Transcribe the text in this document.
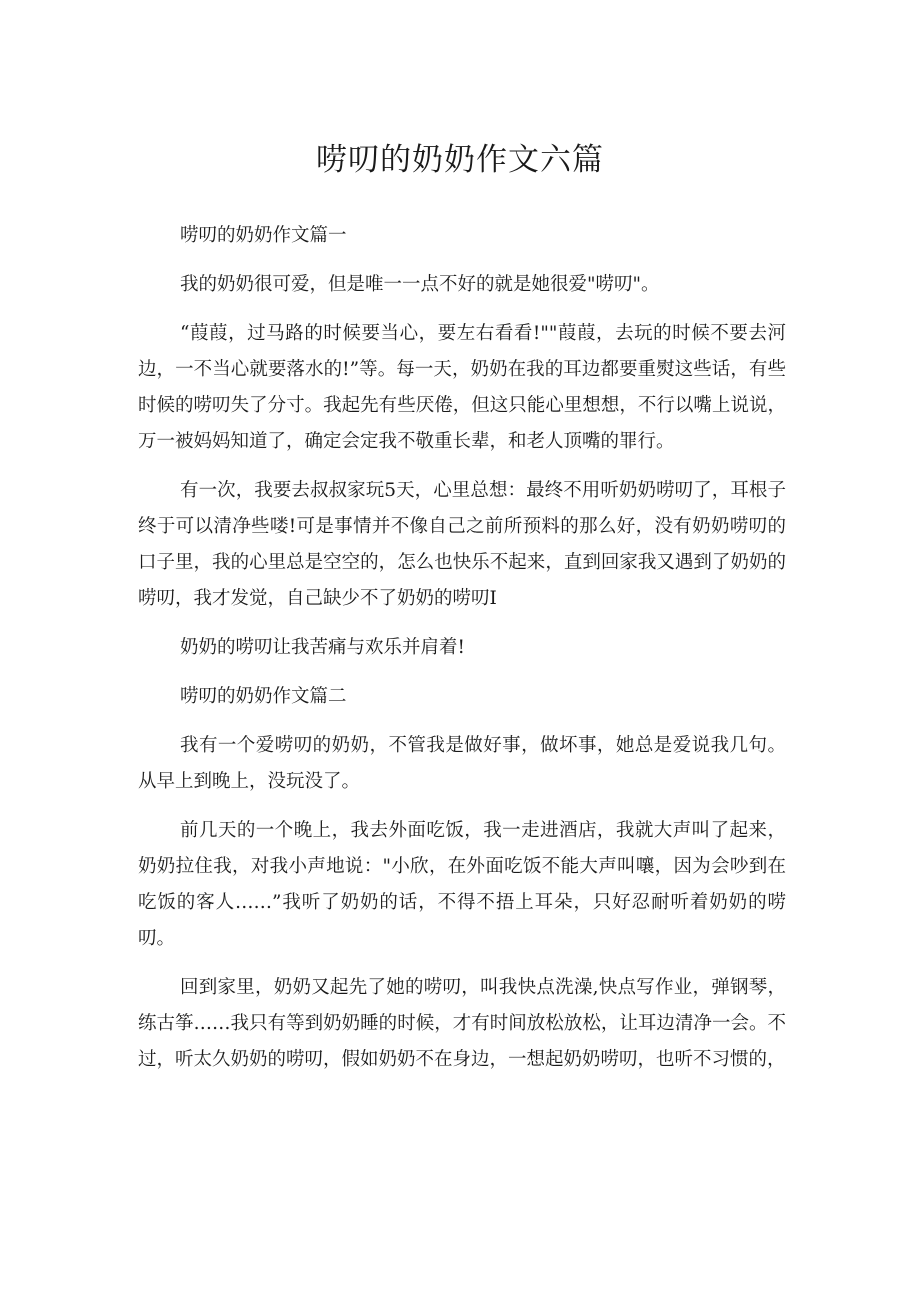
唠叨的奶奶作文六篇

唠叨的奶奶作文篇一

我的奶奶很可爱，但是唯一一点不好的就是她很爱"唠叨"。

“葭葭，过马路的时候要当心，要左右看看!""葭葭，去玩的时候不要去河边，一不当心就要落水的!”等。每一天，奶奶在我的耳边都要重熨这些话，有些时候的唠叨失了分寸。我起先有些厌倦，但这只能心里想想，不行以嘴上说说，万一被妈妈知道了，确定会定我不敬重长辈，和老人顶嘴的罪行。

有一次，我要去叔叔家玩5天，心里总想：最终不用听奶奶唠叨了，耳根子终于可以清净些喽!可是事情并不像自己之前所预料的那么好，没有奶奶唠叨的口子里，我的心里总是空空的，怎么也快乐不起来，直到回家我又遇到了奶奶的唠叨，我才发觉，自己缺少不了奶奶的唠叨I

奶奶的唠叨让我苦痛与欢乐并肩着!

唠叨的奶奶作文篇二

我有一个爱唠叨的奶奶，不管我是做好事，做坏事，她总是爱说我几句。从早上到晚上，没玩没了。

前几天的一个晚上，我去外面吃饭，我一走进酒店，我就大声叫了起来，奶奶拉住我，对我小声地说："小欣，在外面吃饭不能大声叫嚷，因为会吵到在吃饭的客人……”我听了奶奶的话，不得不捂上耳朵，只好忍耐听着奶奶的唠叨。

回到家里，奶奶又起先了她的唠叨，叫我快点洗澡,快点写作业，弹钢琴，练古筝……我只有等到奶奶睡的时候，才有时间放松放松，让耳边清净一会。不过，听太久奶奶的唠叨，假如奶奶不在身边，一想起奶奶唠叨，也听不习惯的，
